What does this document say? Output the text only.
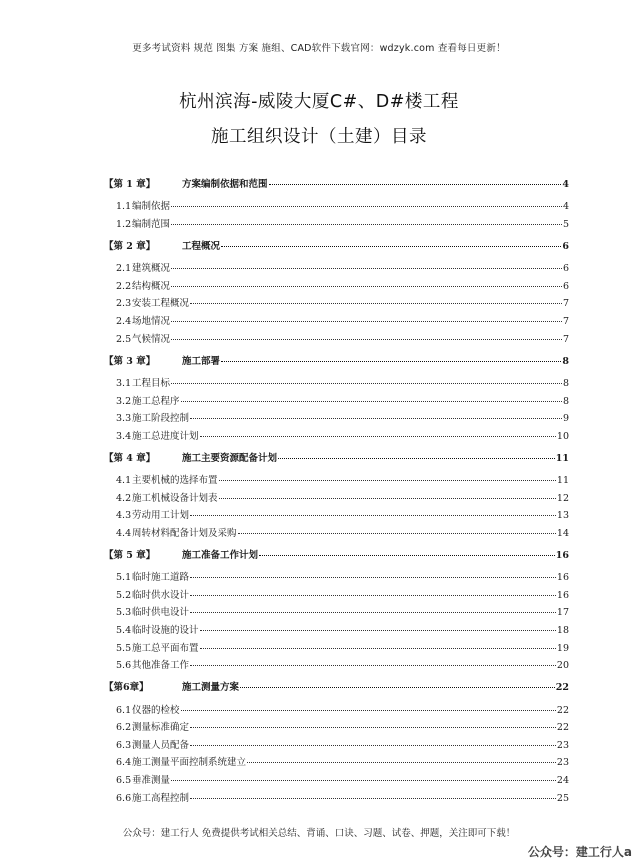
更多考试资料 规范 图集 方案 施组、CAD软件下载官网：wdzyk.com 查看每日更新！
杭州滨海-威陵大厦C#、D#楼工程
施工组织设计（土建）目录
【第 1 章】	方案编制依据和范围	4
1.1 编制依据	4
1.2 编制范围	5
【第 2 章】	工程概况	6
2.1 建筑概况	6
2.2 结构概况	6
2.3 安装工程概况	7
2.4 场地情况	7
2.5 气候情况	7
【第 3 章】	施工部署	8
3.1 工程目标	8
3.2 施工总程序	8
3.3 施工阶段控制	9
3.4 施工总进度计划	10
【第 4 章】	施工主要资源配备计划	11
4.1 主要机械的选择布置	11
4.2 施工机械设备计划表	12
4.3 劳动用工计划	13
4.4 周转材料配备计划及采购	14
【第 5 章】	施工准备工作计划	16
5.1 临时施工道路	16
5.2 临时供水设计	16
5.3 临时供电设计	17
5.4 临时设施的设计	18
5.5 施工总平面布置	19
5.6 其他准备工作	20
【第6章】	施工测量方案	22
6.1 仪器的检校	22
6.2 测量标准确定	22
6.3 测量人员配备	23
6.4 施工测量平面控制系统建立	23
6.5 垂准测量	24
6.6 施工高程控制	25
公众号：建工行人 免费提供考试相关总结、背诵、口诀、习题、试卷、押题，关注即可下载！
公众号：建工行人a
